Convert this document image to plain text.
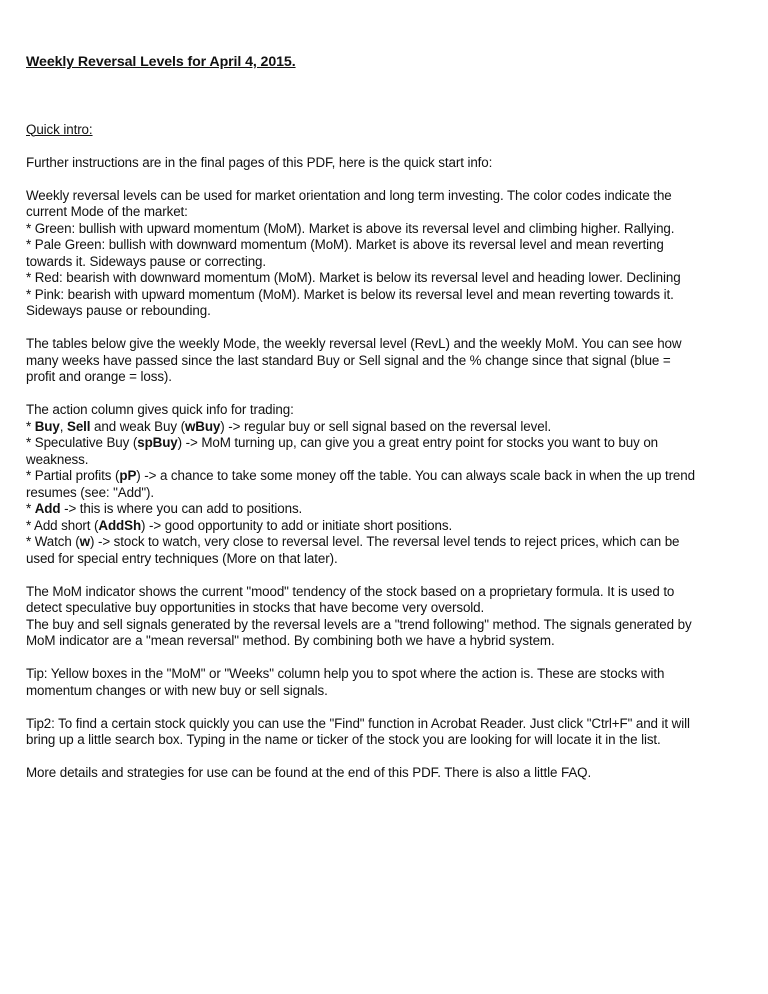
Weekly Reversal Levels for April 4, 2015.

Quick intro:

Further instructions are in the final pages of this PDF, here is the quick start info:

Weekly reversal levels can be used for market orientation and long term investing. The color codes indicate the

current Mode of the market:

* Green: bullish with upward momentum (MoM). Market is above its reversal level and climbing higher. Rallying.

* Pale Green: bullish with downward momentum (MoM). Market is above its reversal level and mean reverting

towards it. Sideways pause or correcting.

* Red: bearish with downward momentum (MoM). Market is below its reversal level and heading lower. Declining

* Pink: bearish with upward momentum (MoM). Market is below its reversal level and mean reverting towards it.

Sideways pause or rebounding.

The tables below give the weekly Mode, the weekly reversal level (RevL) and the weekly MoM. You can see how

many weeks have passed since the last standard Buy or Sell signal and the % change since that signal (blue =

profit and orange = loss).

The action column gives quick info for trading:

* Buy, Sell and weak Buy (wBuy) -> regular buy or sell signal based on the reversal level.

* Speculative Buy (spBuy) -> MoM turning up, can give you a great entry point for stocks you want to buy on

weakness.

* Partial profits (pP) -> a chance to take some money off the table. You can always scale back in when the up trend

resumes (see: "Add").

* Add -> this is where you can add to positions.

* Add short (AddSh) -> good opportunity to add or initiate short positions.

* Watch (w) -> stock to watch, very close to reversal level. The reversal level tends to reject prices, which can be

used for special entry techniques (More on that later).

The MoM indicator shows the current "mood" tendency of the stock based on a proprietary formula. It is used to

detect speculative buy opportunities in stocks that have become very oversold.

The buy and sell signals generated by the reversal levels are a "trend following" method. The signals generated by

MoM indicator are a "mean reversal" method. By combining both we have a hybrid system.

Tip: Yellow boxes in the "MoM" or "Weeks" column help you to spot where the action is. These are stocks with

momentum changes or with new buy or sell signals.

Tip2: To find a certain stock quickly you can use the "Find" function in Acrobat Reader. Just click "Ctrl+F" and it will

bring up a little search box. Typing in the name or ticker of the stock you are looking for will locate it in the list.

More details and strategies for use can be found at the end of this PDF. There is also a little FAQ.
